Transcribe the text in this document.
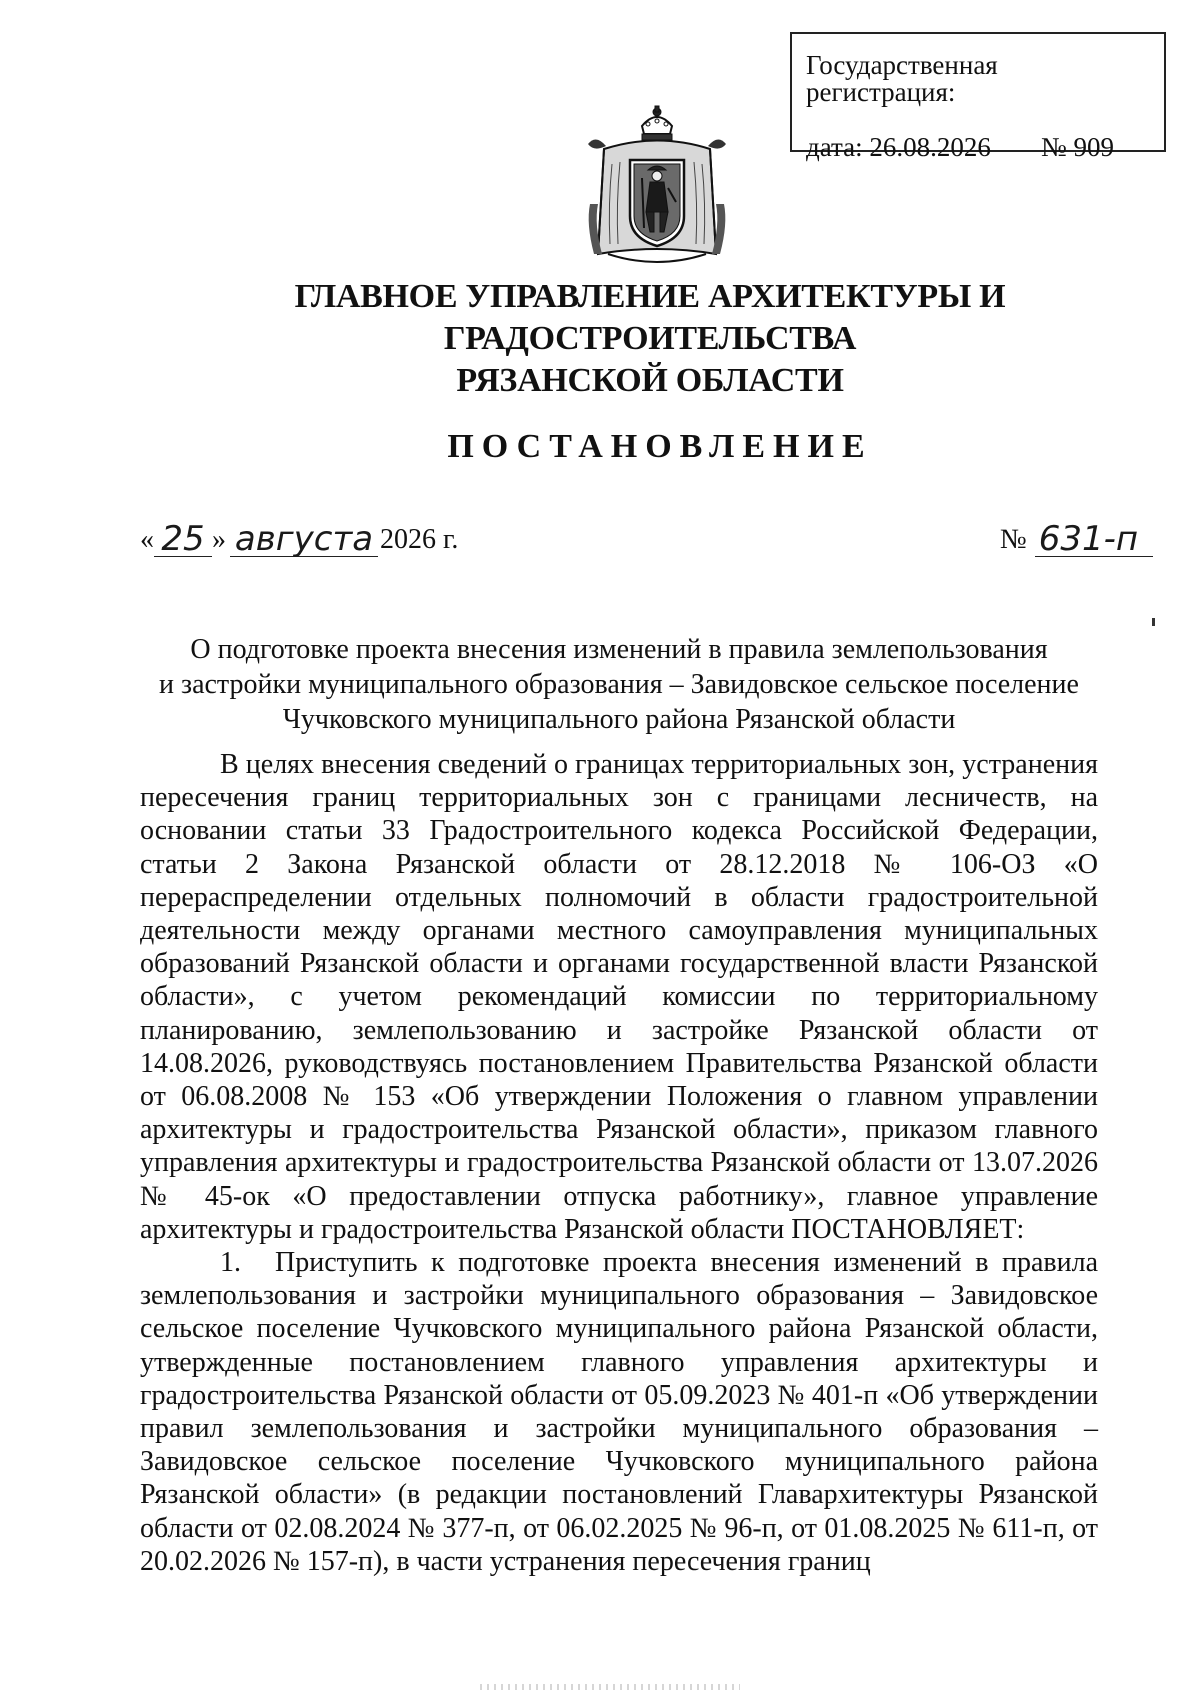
Государственная регистрация:
дата: 26.08.2026	№ 909
ГЛАВНОЕ УПРАВЛЕНИЕ АРХИТЕКТУРЫ И ГРАДОСТРОИТЕЛЬСТВА
РЯЗАНСКОЙ ОБЛАСТИ
ПОСТАНОВЛЕНИЕ
« 25 » августа 2026 г.	№ 631-п
О подготовке проекта внесения изменений в правила землепользования
и застройки муниципального образования – Завидовское сельское поселение
Чучковского муниципального района Рязанской области

В целях внесения сведений о границах территориальных зон, устранения пересечения границ территориальных зон с границами лесничеств, на основании статьи 33 Градостроительного кодекса Российской Федерации, статьи 2 Закона Рязанской области от 28.12.2018 № 106-ОЗ «О перераспределении отдельных полномочий в области градостроительной деятельности между органами местного самоуправления муниципальных образований Рязанской области и органами государственной власти Рязанской области», с учетом рекомендаций комиссии по территориальному планированию, землепользованию и застройке Рязанской области от 14.08.2026, руководствуясь постановлением Правительства Рязанской области от 06.08.2008 № 153 «Об утверждении Положения о главном управлении архитектуры и градостроительства Рязанской области», приказом главного управления архитектуры и градостроительства Рязанской области от 13.07.2026 № 45-ок «О предоставлении отпуска работнику», главное управление архитектуры и градостроительства Рязанской области ПОСТАНОВЛЯЕТ:

1. Приступить к подготовке проекта внесения изменений в правила землепользования и застройки муниципального образования – Завидовское сельское поселение Чучковского муниципального района Рязанской области, утвержденные постановлением главного управления архитектуры и градостроительства Рязанской области от 05.09.2023 № 401-п «Об утверждении правил землепользования и застройки муниципального образования – Завидовское сельское поселение Чучковского муниципального района Рязанской области» (в редакции постановлений Главархитектуры Рязанской области от 02.08.2024 № 377-п, от 06.02.2025 № 96-п, от 01.08.2025 № 611-п, от 20.02.2026 № 157-п), в части устранения пересечения границ
